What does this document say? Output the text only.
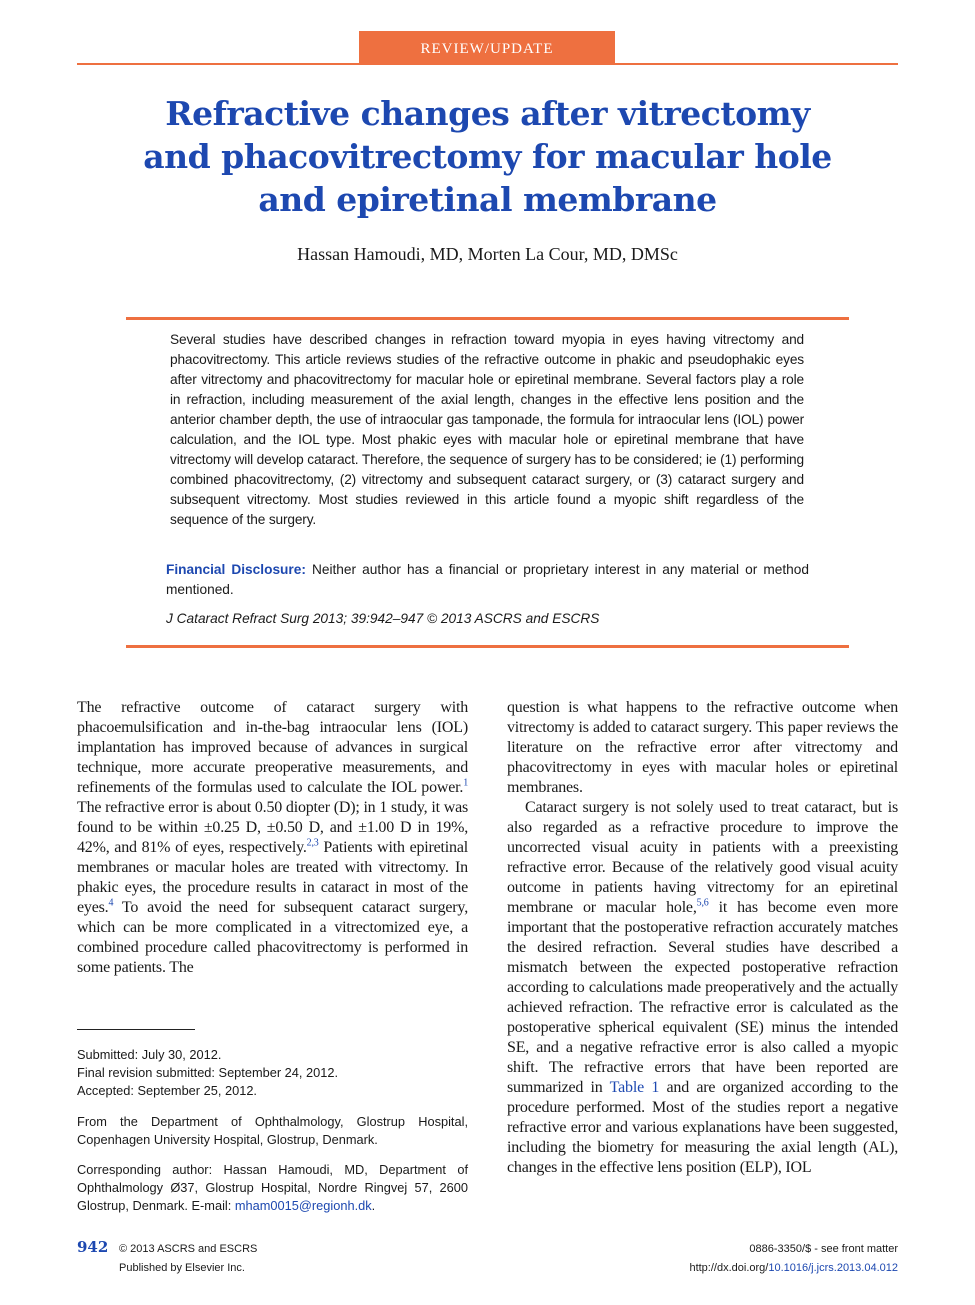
REVIEW/UPDATE
Refractive changes after vitrectomy
and phacovitrectomy for macular hole
and epiretinal membrane
Hassan Hamoudi, MD, Morten La Cour, MD, DMSc
Several studies have described changes in refraction toward myopia in eyes having vitrectomy and phacovitrectomy. This article reviews studies of the refractive outcome in phakic and pseudophakic eyes after vitrectomy and phacovitrectomy for macular hole or epiretinal membrane. Several factors play a role in refraction, including measurement of the axial length, changes in the effective lens position and the anterior chamber depth, the use of intraocular gas tamponade, the formula for intraocular lens (IOL) power calculation, and the IOL type. Most phakic eyes with macular hole or epiretinal membrane that have vitrectomy will develop cataract. Therefore, the sequence of surgery has to be considered; ie (1) performing combined phacovitrectomy, (2) vitrectomy and subsequent cataract surgery, or (3) cataract surgery and subsequent vitrectomy. Most studies reviewed in this article found a myopic shift regardless of the sequence of the surgery.
Financial Disclosure: Neither author has a financial or proprietary interest in any material or method mentioned.
J Cataract Refract Surg 2013; 39:942–947 © 2013 ASCRS and ESCRS

The refractive outcome of cataract surgery with phacoemulsification and in-the-bag intraocular lens (IOL) implantation has improved because of advances in surgical technique, more accurate preoperative measurements, and refinements of the formulas used to calculate the IOL power.$^1$ The refractive error is about 0.50 diopter (D); in 1 study, it was found to be within ±0.25 D, ±0.50 D, and ±1.00 D in 19%, 42%, and 81% of eyes, respectively.$^{2,3}$ Patients with epiretinal membranes or macular holes are treated with vitrectomy. In phakic eyes, the procedure results in cataract in most of the eyes.$^4$ To avoid the need for subsequent cataract surgery, which can be more complicated in a vitrectomized eye, a combined procedure called phacovitrectomy is performed in some patients. The

question is what happens to the refractive outcome when vitrectomy is added to cataract surgery. This paper reviews the literature on the refractive error after vitrectomy and phacovitrectomy in eyes with macular holes or epiretinal membranes.

Cataract surgery is not solely used to treat cataract, but is also regarded as a refractive procedure to improve the uncorrected visual acuity in patients with a preexisting refractive error. Because of the relatively good visual acuity outcome in patients having vitrectomy for an epiretinal membrane or macular hole,$^{5,6}$ it has become even more important that the postoperative refraction accurately matches the desired refraction. Several studies have described a mismatch between the expected postoperative refraction according to calculations made preoperatively and the actually achieved refraction. The refractive error is calculated as the postoperative spherical equivalent (SE) minus the intended SE, and a negative refractive error is also called a myopic shift. The refractive errors that have been reported are summarized in Table 1 and are organized according to the procedure performed. Most of the studies report a negative refractive error and various explanations have been suggested, including the biometry for measuring the axial length (AL), changes in the effective lens position (ELP), IOL

Submitted: July 30, 2012.

Final revision submitted: September 24, 2012.

Accepted: September 25, 2012.

From the Department of Ophthalmology, Glostrup Hospital, Copenhagen University Hospital, Glostrup, Denmark.
Corresponding author: Hassan Hamoudi, MD, Department of Ophthalmology Ø37, Glostrup Hospital, Nordre Ringvej 57, 2600 Glostrup, Denmark. E-mail: mham0015@regionh.dk.
942 © 2013 ASCRS and ESCRS
Published by Elsevier Inc.
0886-3350/$ - see front matter
http://dx.doi.org/10.1016/j.jcrs.2013.04.012
